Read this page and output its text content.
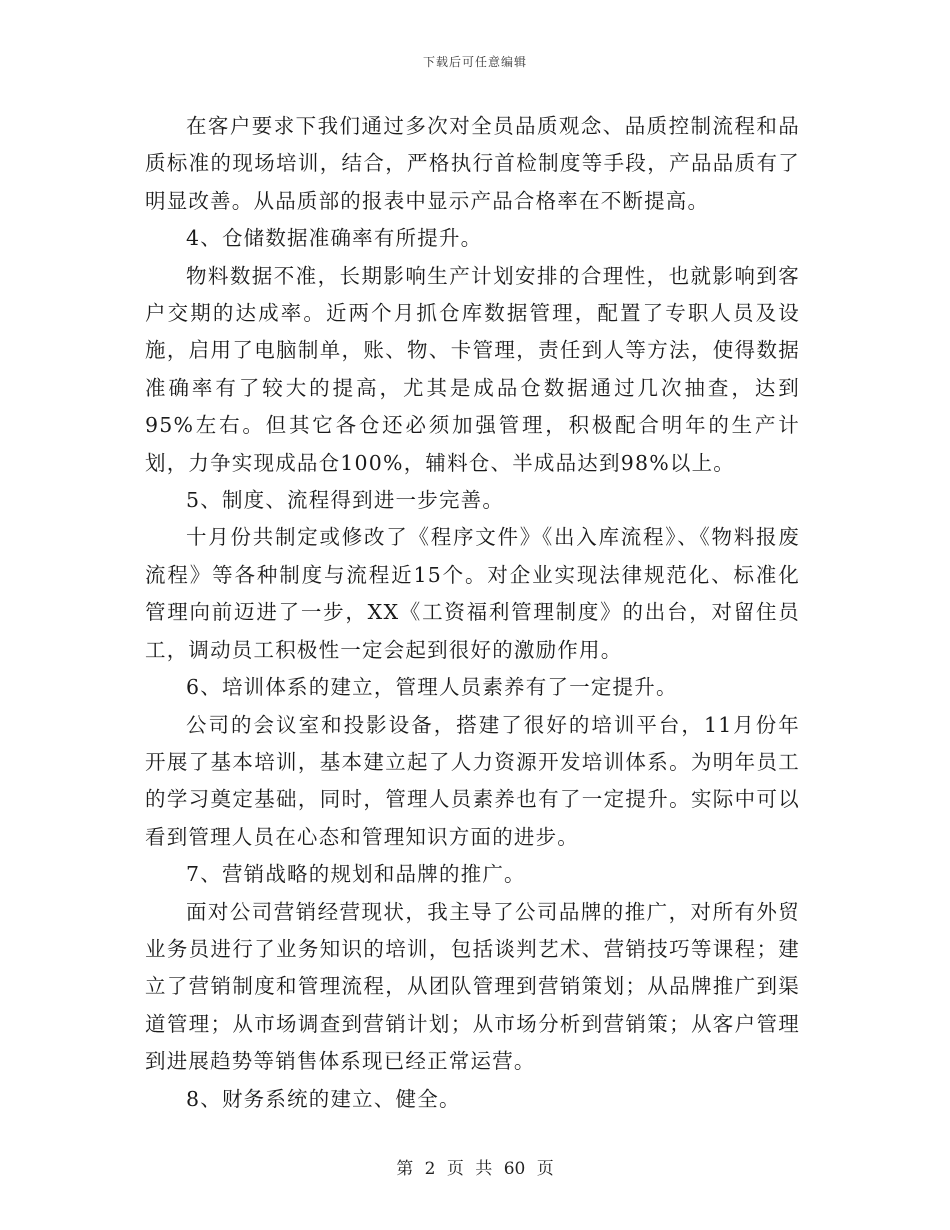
下载后可任意编辑

在客户要求下我们通过多次对全员品质观念、品质控制流程和品质标准的现场培训，结合，严格执行首检制度等手段，产品品质有了明显改善。从品质部的报表中显示产品合格率在不断提高。

4、仓储数据准确率有所提升。

物料数据不准，长期影响生产计划安排的合理性，也就影响到客户交期的达成率。近两个月抓仓库数据管理，配置了专职人员及设施，启用了电脑制单，账、物、卡管理，责任到人等方法，使得数据准确率有了较大的提高，尤其是成品仓数据通过几次抽查，达到95%左右。但其它各仓还必须加强管理，积极配合明年的生产计划，力争实现成品仓100%，辅料仓、半成品达到98%以上。

5、制度、流程得到进一步完善。

十月份共制定或修改了《程序文件》《出入库流程》、《物料报废流程》等各种制度与流程近15个。对企业实现法律规范化、标准化管理向前迈进了一步，XX《工资福利管理制度》的出台，对留住员工，调动员工积极性一定会起到很好的激励作用。

6、培训体系的建立，管理人员素养有了一定提升。

公司的会议室和投影设备，搭建了很好的培训平台，11月份年开展了基本培训，基本建立起了人力资源开发培训体系。为明年员工的学习奠定基础，同时，管理人员素养也有了一定提升。实际中可以看到管理人员在心态和管理知识方面的进步。

7、营销战略的规划和品牌的推广。

面对公司营销经营现状，我主导了公司品牌的推广，对所有外贸业务员进行了业务知识的培训，包括谈判艺术、营销技巧等课程；建立了营销制度和管理流程，从团队管理到营销策划；从品牌推广到渠道管理；从市场调查到营销计划；从市场分析到营销策；从客户管理到进展趋势等销售体系现已经正常运营。

8、财务系统的建立、健全。

第 2 页 共 60 页
